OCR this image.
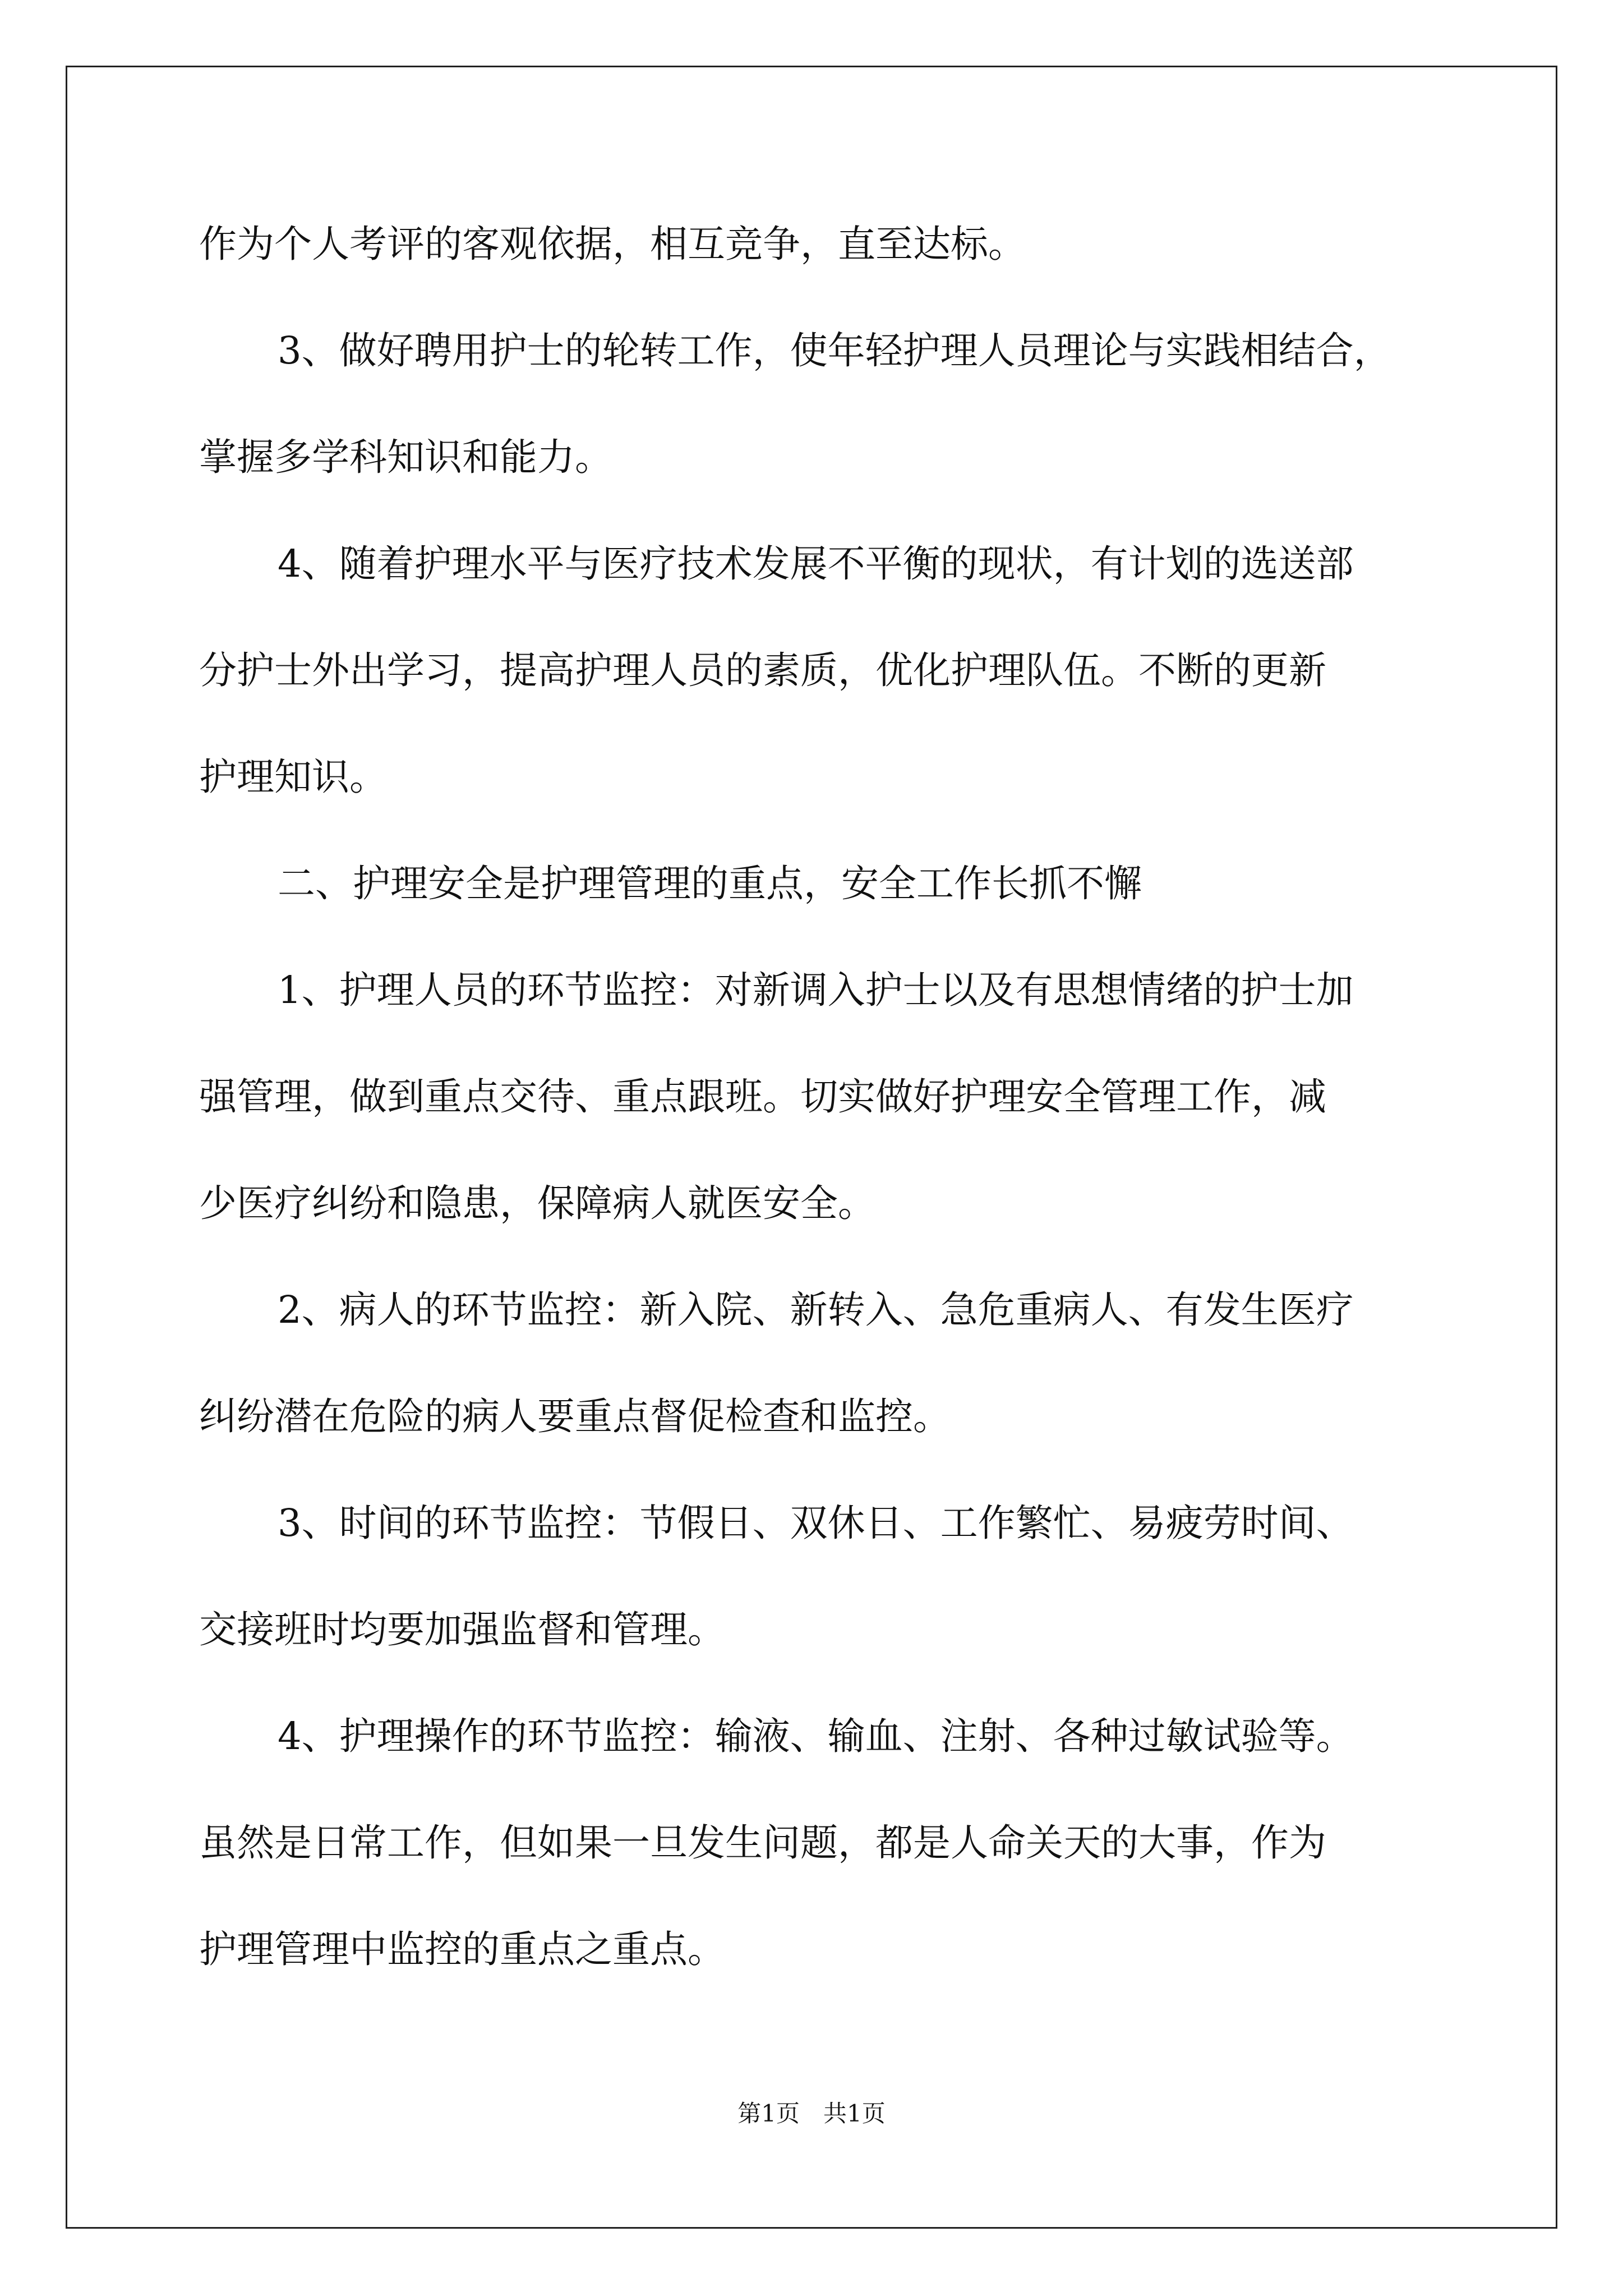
作为个人考评的客观依据，相互竞争，直至达标。
3、做好聘用护士的轮转工作，使年轻护理人员理论与实践相结合，
掌握多学科知识和能力。
4、随着护理水平与医疗技术发展不平衡的现状，有计划的选送部
分护士外出学习，提高护理人员的素质，优化护理队伍。不断的更新
护理知识。
二、护理安全是护理管理的重点，安全工作长抓不懈
1、护理人员的环节监控：对新调入护士以及有思想情绪的护士加
强管理，做到重点交待、重点跟班。切实做好护理安全管理工作，减
少医疗纠纷和隐患，保障病人就医安全。
2、病人的环节监控：新入院、新转入、急危重病人、有发生医疗
纠纷潜在危险的病人要重点督促检查和监控。
3、时间的环节监控：节假日、双休日、工作繁忙、易疲劳时间、
交接班时均要加强监督和管理。
4、护理操作的环节监控：输液、输血、注射、各种过敏试验等。
虽然是日常工作，但如果一旦发生问题，都是人命关天的大事，作为
护理管理中监控的重点之重点。
第1页　共1页
